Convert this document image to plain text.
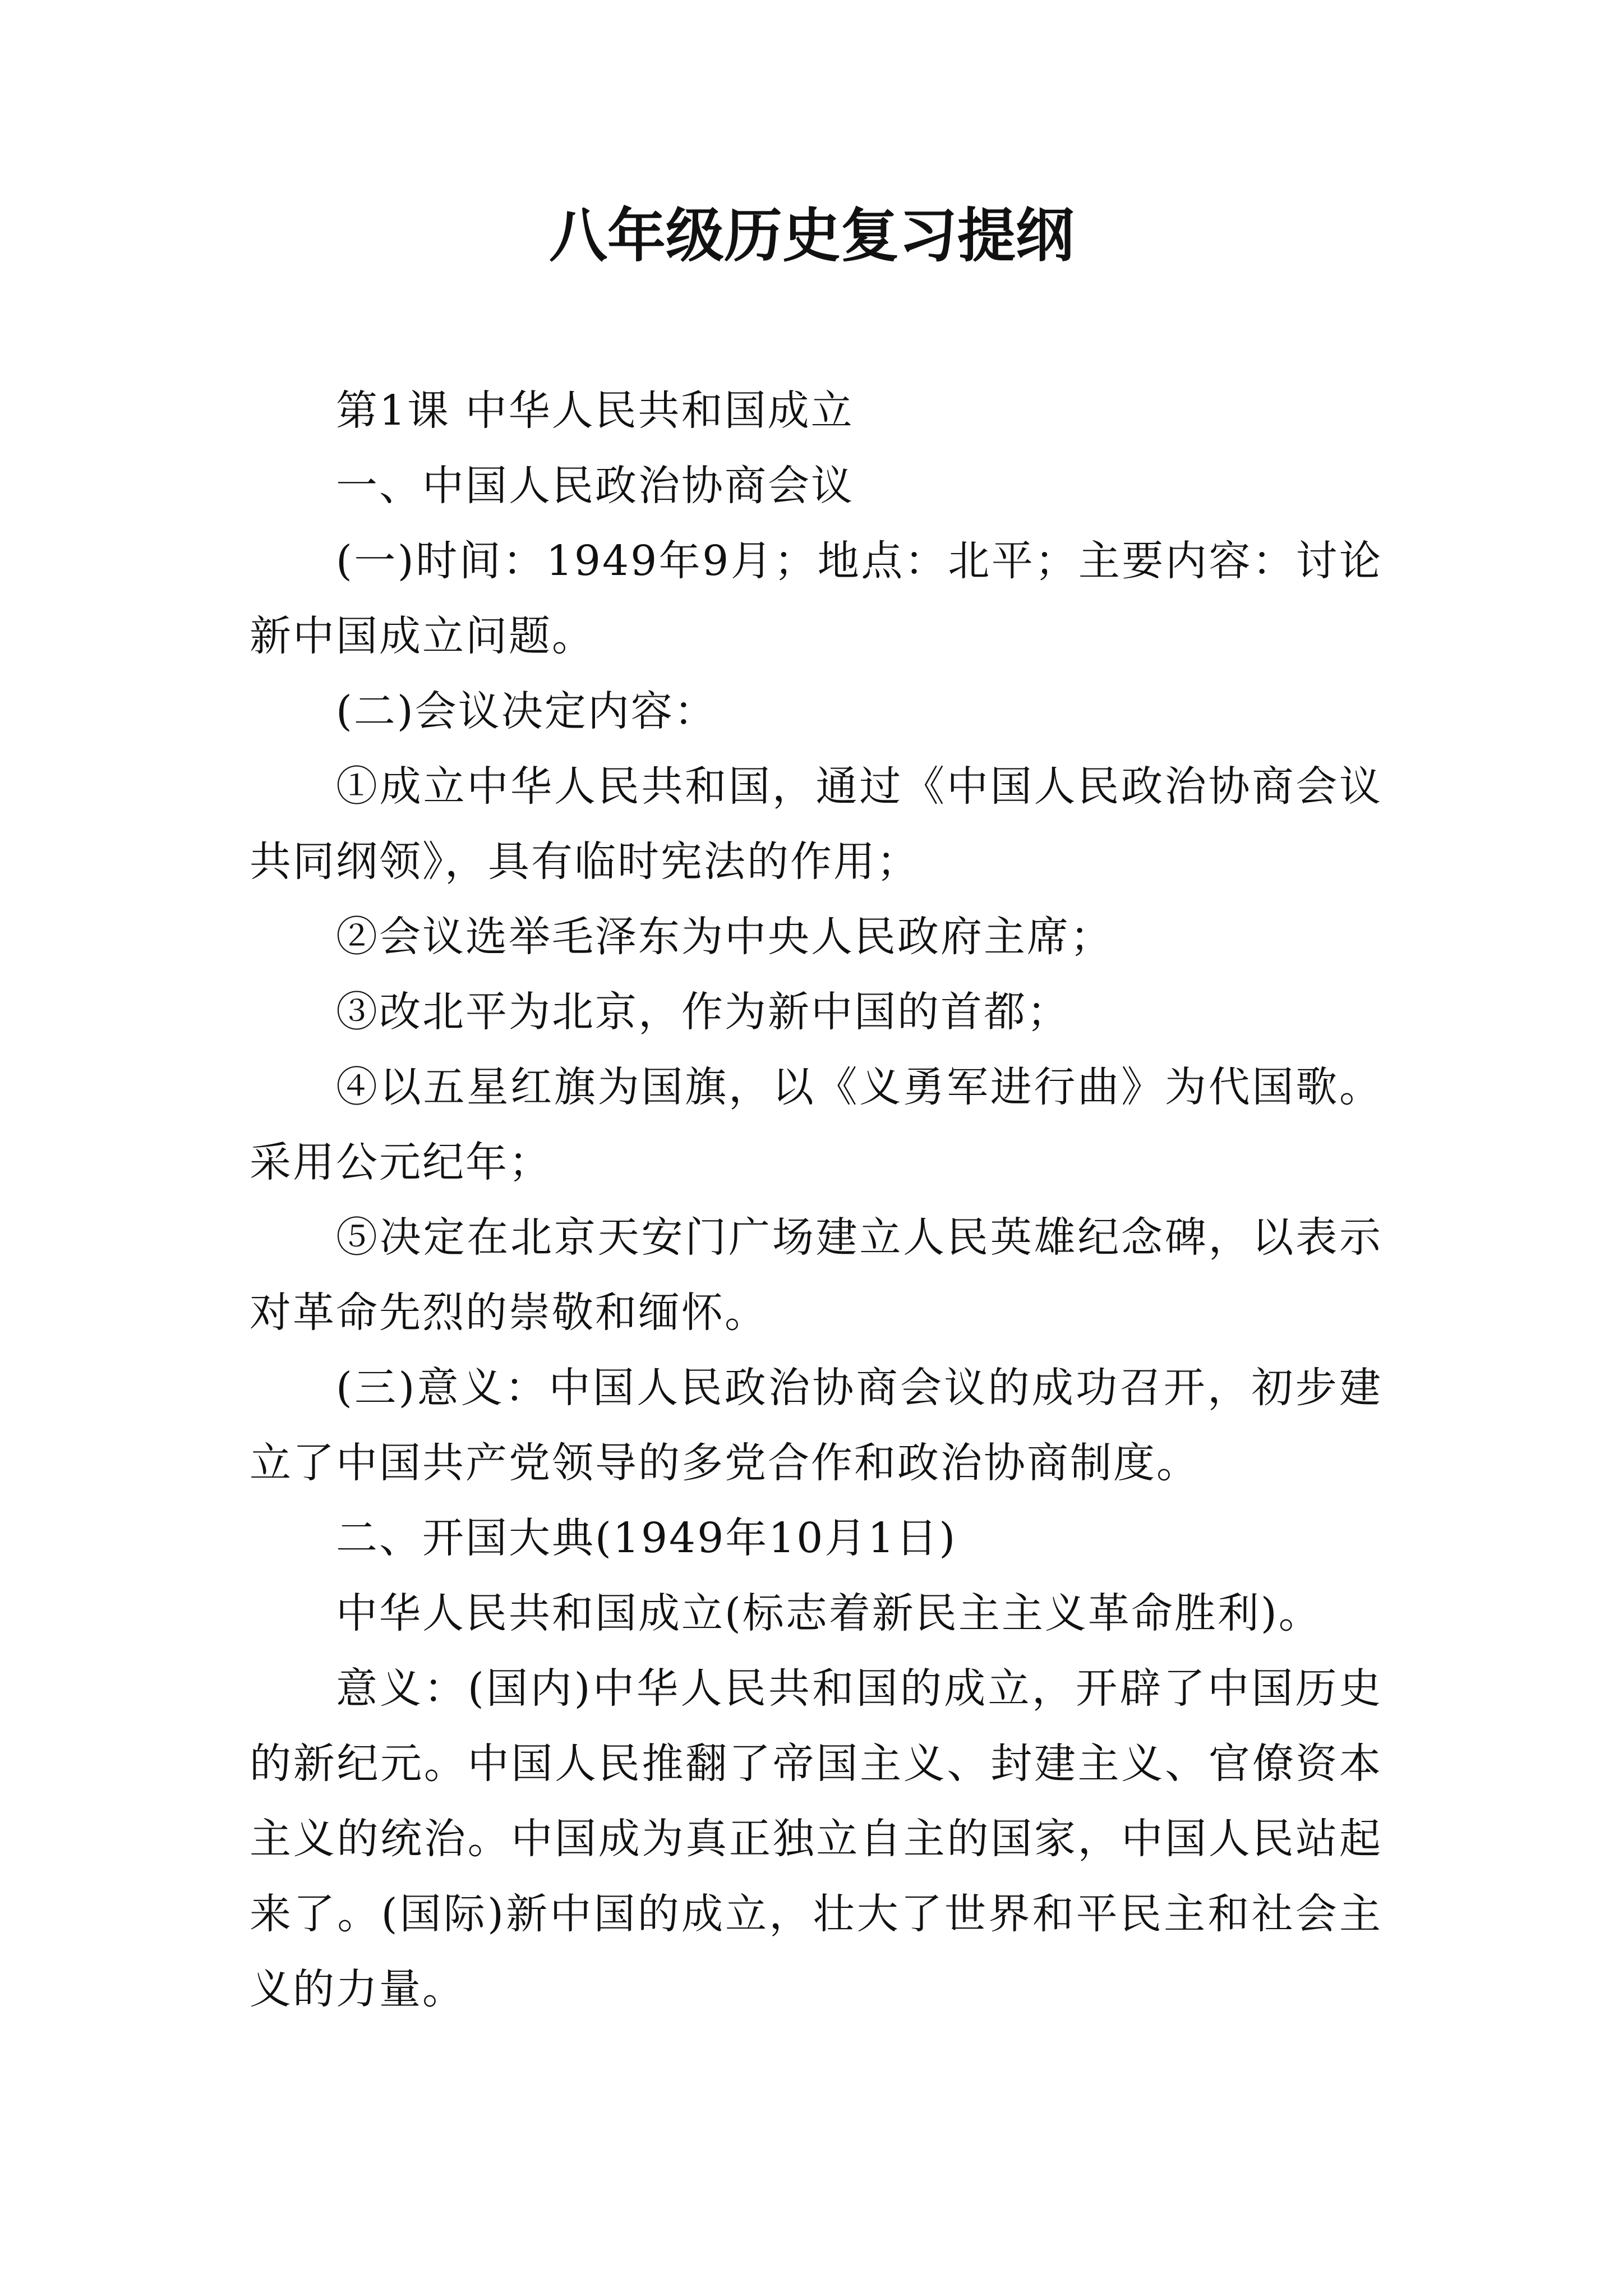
八年级历史复习提纲

第1课 中华人民共和国成立

一、中国人民政治协商会议

(一)时间：1949年9月；地点：北平；主要内容：讨论新中国成立问题。

(二)会议决定内容：

①成立中华人民共和国，通过《中国人民政治协商会议共同纲领》，具有临时宪法的作用；

②会议选举毛泽东为中央人民政府主席；

③改北平为北京，作为新中国的首都；

④以五星红旗为国旗，以《义勇军进行曲》为代国歌。采用公元纪年；

⑤决定在北京天安门广场建立人民英雄纪念碑，以表示对革命先烈的崇敬和缅怀。

(三)意义：中国人民政治协商会议的成功召开，初步建立了中国共产党领导的多党合作和政治协商制度。

二、开国大典(1949年10月1日)

中华人民共和国成立(标志着新民主主义革命胜利)。

意义：(国内)中华人民共和国的成立，开辟了中国历史的新纪元。中国人民推翻了帝国主义、封建主义、官僚资本主义的统治。中国成为真正独立自主的国家，中国人民站起来了。(国际)新中国的成立，壮大了世界和平民主和社会主义的力量。
